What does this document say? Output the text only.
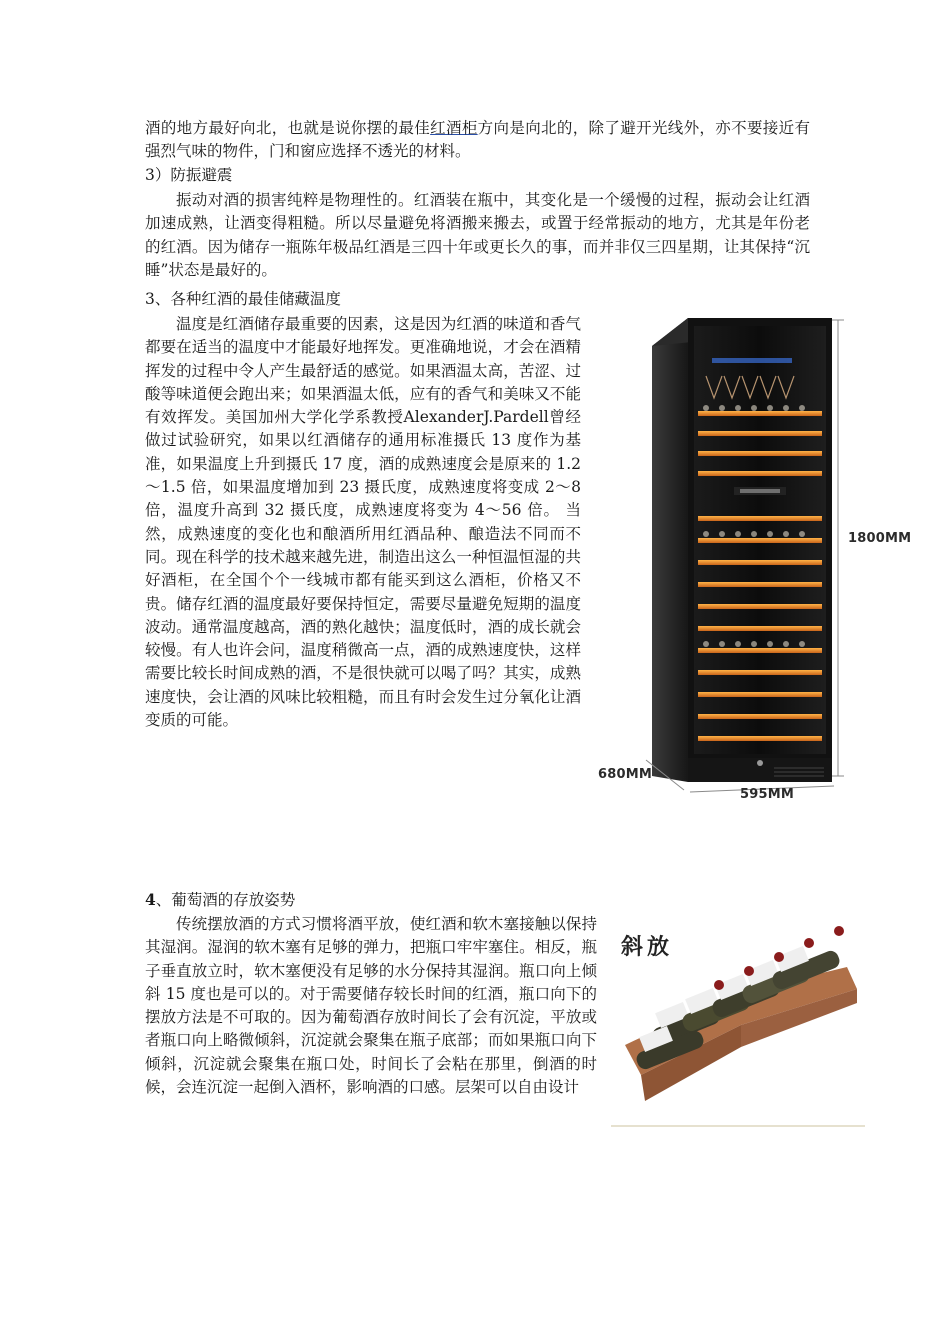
酒的地方最好向北，也就是说你摆的最佳红酒柜方向是向北的，除了避开光线外，亦不要接近有强烈气味的物件，门和窗应选择不透光的材料。

3）防振避震

振动对酒的损害纯粹是物理性的。红酒装在瓶中，其变化是一个缓慢的过程，振动会让红酒加速成熟，让酒变得粗糙。所以尽量避免将酒搬来搬去，或置于经常振动的地方，尤其是年份老的红酒。因为储存一瓶陈年极品红酒是三四十年或更长久的事，而并非仅三四星期，让其保持“沉睡”状态是最好的。

3、各种红酒的最佳储藏温度

温度是红酒储存最重要的因素，这是因为红酒的味道和香气都要在适当的温度中才能最好地挥发。更准确地说，才会在酒精挥发的过程中令人产生最舒适的感觉。如果酒温太高，苦涩、过酸等味道便会跑出来；如果酒温太低，应有的香气和美味又不能有效挥发。美国加州大学化学系教授AlexanderJ.Pardell曾经做过试验研究，如果以红酒储存的通用标准摄氏 13 度作为基准，如果温度上升到摄氏 17 度，酒的成熟速度会是原来的 1.2～1.5 倍，如果温度增加到 23 摄氏度，成熟速度将变成 2～8 倍，温度升高到 32 摄氏度，成熟速度将变为 4～56 倍。 当然，成熟速度的变化也和酿酒所用红酒品种、酿造法不同而不同。现在科学的技术越来越先进，制造出这么一种恒温恒湿的共好酒柜，在全国个个一线城市都有能买到这么酒柜，价格又不贵。储存红酒的温度最好要保持恒定，需要尽量避免短期的温度波动。通常温度越高，酒的熟化越快；温度低时，酒的成长就会较慢。有人也许会问，温度稍微高一点，酒的成熟速度快，这样需要比较长时间成熟的酒，不是很快就可以喝了吗？其实，成熟速度快，会让酒的风味比较粗糙，而且有时会发生过分氧化让酒变质的可能。

1800MM
680MM
595MM

4、葡萄酒的存放姿势

传统摆放酒的方式习惯将酒平放，使红酒和软木塞接触以保持其湿润。湿润的软木塞有足够的弹力，把瓶口牢牢塞住。相反，瓶子垂直放立时，软木塞便没有足够的水分保持其湿润。瓶口向上倾斜 15 度也是可以的。对于需要储存较长时间的红酒，瓶口向下的摆放方法是不可取的。因为葡萄酒存放时间长了会有沉淀，平放或者瓶口向上略微倾斜，沉淀就会聚集在瓶子底部；而如果瓶口向下倾斜，沉淀就会聚集在瓶口处，时间长了会粘在那里，倒酒的时候，会连沉淀一起倒入酒杯，影响酒的口感。层架可以自由设计

斜放
